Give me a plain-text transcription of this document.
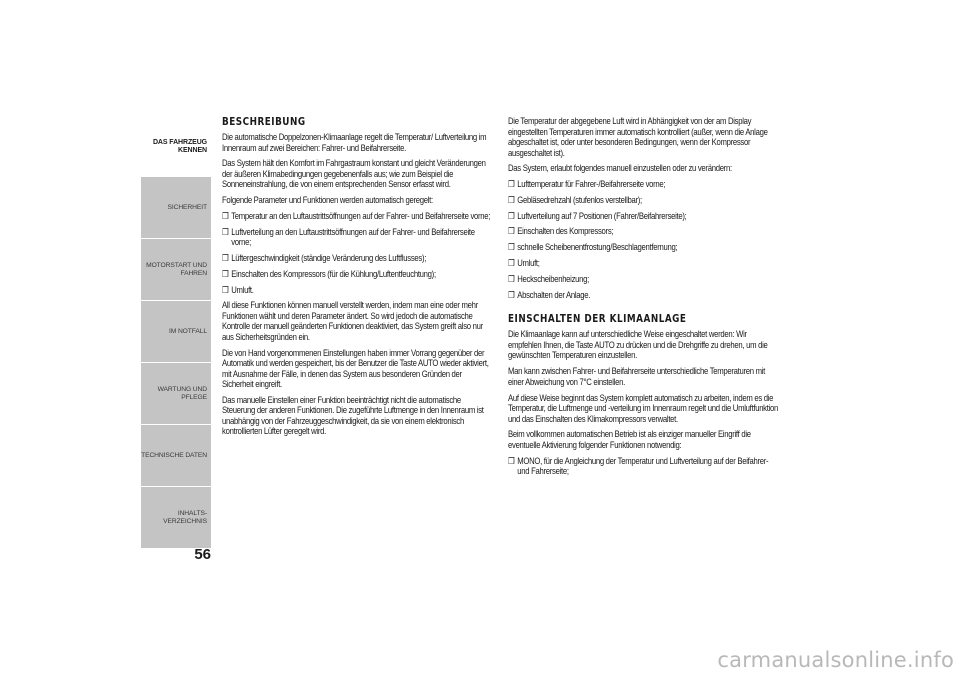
DAS FAHRZEUG
KENNEN
SICHERHEIT
MOTORSTART UND
FAHREN
IM NOTFALL
WARTUNG UND
PFLEGE
TECHNISCHE DATEN
INHALTS-
VERZEICHNIS
56
BESCHREIBUNG

Die automatische Doppelzonen-Klimaanlage regelt die Temperatur/ Luftverteilung im Innenraum auf zwei Bereichen: Fahrer- und Beifahrerseite.

Das System hält den Komfort im Fahrgastraum konstant und gleicht Veränderungen der äußeren Klimabedingungen gegebenenfalls aus; wie zum Beispiel die Sonneneinstrahlung, die von einem entsprechenden Sensor erfasst wird.

Folgende Parameter und Funktionen werden automatisch geregelt:

❒ Temperatur an den Luftaustrittsöffnungen auf der Fahrer- und Beifahrerseite vorne;
❒ Luftverteilung an den Luftaustrittsöffnungen auf der Fahrer- und Beifahrerseite vorne;
❒ Lüftergeschwindigkeit (ständige Veränderung des Luftflusses);
❒ Einschalten des Kompressors (für die Kühlung/Luftentfeuchtung);
❒ Umluft.

All diese Funktionen können manuell verstellt werden, indem man eine oder mehr Funktionen wählt und deren Parameter ändert. So wird jedoch die automatische Kontrolle der manuell geänderten Funktionen deaktiviert, das System greift also nur aus Sicherheitsgründen ein.

Die von Hand vorgenommenen Einstellungen haben immer Vorrang gegenüber der Automatik und werden gespeichert, bis der Benutzer die Taste AUTO wieder aktiviert, mit Ausnahme der Fälle, in denen das System aus besonderen Gründen der Sicherheit eingreift.

Das manuelle Einstellen einer Funktion beeinträchtigt nicht die automatische Steuerung der anderen Funktionen. Die zugeführte Luftmenge in den Innenraum ist unabhängig von der Fahrzeuggeschwindigkeit, da sie von einem elektronisch kontrollierten Lüfter geregelt wird.

Die Temperatur der abgegebene Luft wird in Abhängigkeit von der am Display eingestellten Temperaturen immer automatisch kontrolliert (außer, wenn die Anlage abgeschaltet ist, oder unter besonderen Bedingungen, wenn der Kompressor ausgeschaltet ist).

Das System, erlaubt folgendes manuell einzustellen oder zu verändern:

❒ Lufttemperatur für Fahrer-/Beifahrerseite vorne;
❒ Gebläsedrehzahl (stufenlos verstellbar);
❒ Luftverteilung auf 7 Positionen (Fahrer/Beifahrerseite);
❒ Einschalten des Kompressors;
❒ schnelle Scheibenentfrostung/Beschlagentfernung;
❒ Umluft;
❒ Heckscheibenheizung;
❒ Abschalten der Anlage.
EINSCHALTEN DER KLIMAANLAGE

Die Klimaanlage kann auf unterschiedliche Weise eingeschaltet werden: Wir empfehlen Ihnen, die Taste AUTO zu drücken und die Drehgriffe zu drehen, um die gewünschten Temperaturen einzustellen.

Man kann zwischen Fahrer- und Beifahrerseite unterschiedliche Temperaturen mit einer Abweichung von 7°C einstellen.

Auf diese Weise beginnt das System komplett automatisch zu arbeiten, indem es die Temperatur, die Luftmenge und -verteilung im Innenraum regelt und die Umluftfunktion und das Einschalten des Klimakompressors verwaltet.

Beim vollkommen automatischen Betrieb ist als einziger manueller Eingriff die eventuelle Aktivierung folgender Funktionen notwendig:

❒ MONO, für die Angleichung der Temperatur und Luftverteilung auf der Beifahrer- und Fahrerseite;
carmanualsonline.info
